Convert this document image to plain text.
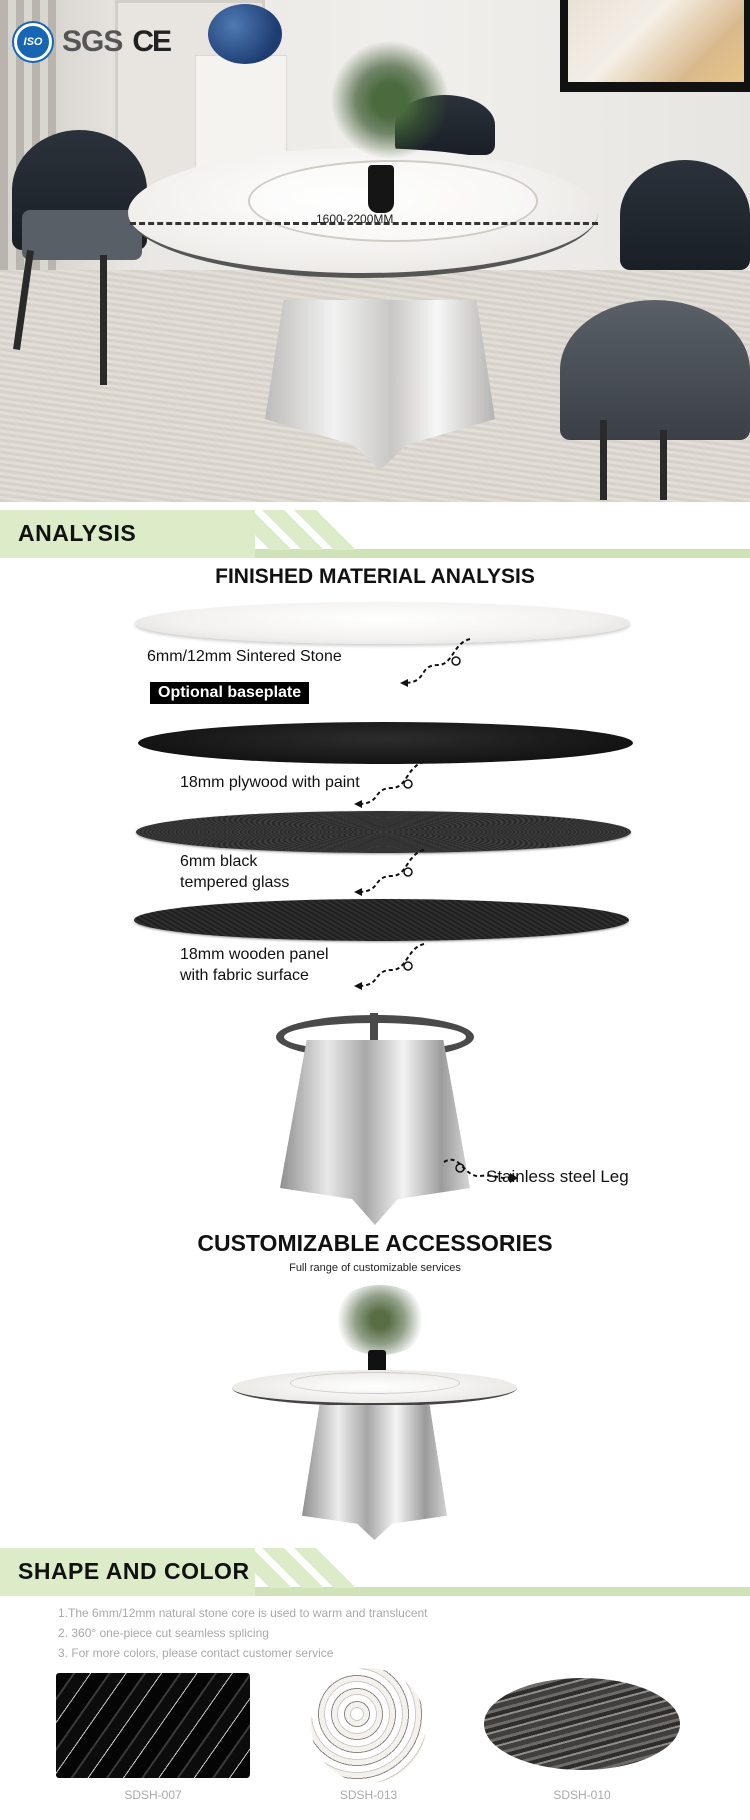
1600-2200MM
ISO SGS CE
ANALYSIS
FINISHED MATERIAL ANALYSIS
6mm/12mm Sintered Stone
Optional baseplate
18mm plywood with paint
6mm black
tempered glass
18mm wooden panel
with fabric surface
Stainless steel Leg
CUSTOMIZABLE ACCESSORIES
Full range of customizable services
SHAPE AND COLOR
1.The 6mm/12mm natural stone core is used to warm and translucent
2. 360° one-piece cut seamless splicing
3. For more colors, please contact customer service
SDSH-007	SDSH-013	SDSH-010
